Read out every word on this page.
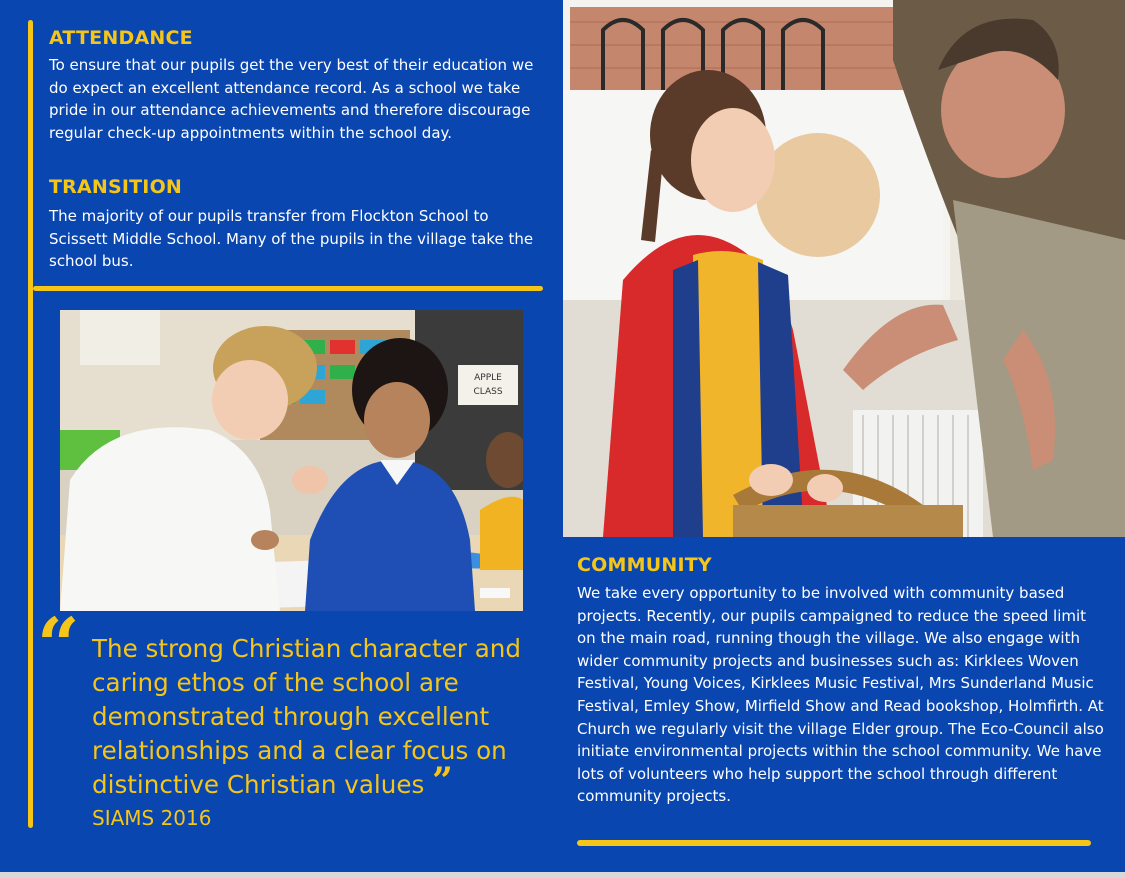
ATTENDANCE
To ensure that our pupils get the very best of their education we do expect an excellent attendance record. As a school we take pride in our attendance achievements and therefore discourage regular check-up appointments within the school day.
TRANSITION
The majority of our pupils transfer from Flockton School to Scissett Middle School. Many of the pupils in the village take the school bus.
APPLE
CLASS
“ The strong Christian character and caring ethos of the school are demonstrated through excellent relationships and a clear focus on distinctive Christian values ”
SIAMS 2016
COMMUNITY
We take every opportunity to be involved with community based projects. Recently, our pupils campaigned to reduce the speed limit on the main road, running though the village. We also engage with wider community projects and businesses such as: Kirklees Woven Festival, Young Voices, Kirklees Music Festival, Mrs Sunderland Music Festival, Emley Show, Mirfield Show and Read bookshop, Holmfirth. At Church we regularly visit the village Elder group. The Eco-Council also initiate environmental projects within the school community. We have lots of volunteers who help support the school through different community projects.
